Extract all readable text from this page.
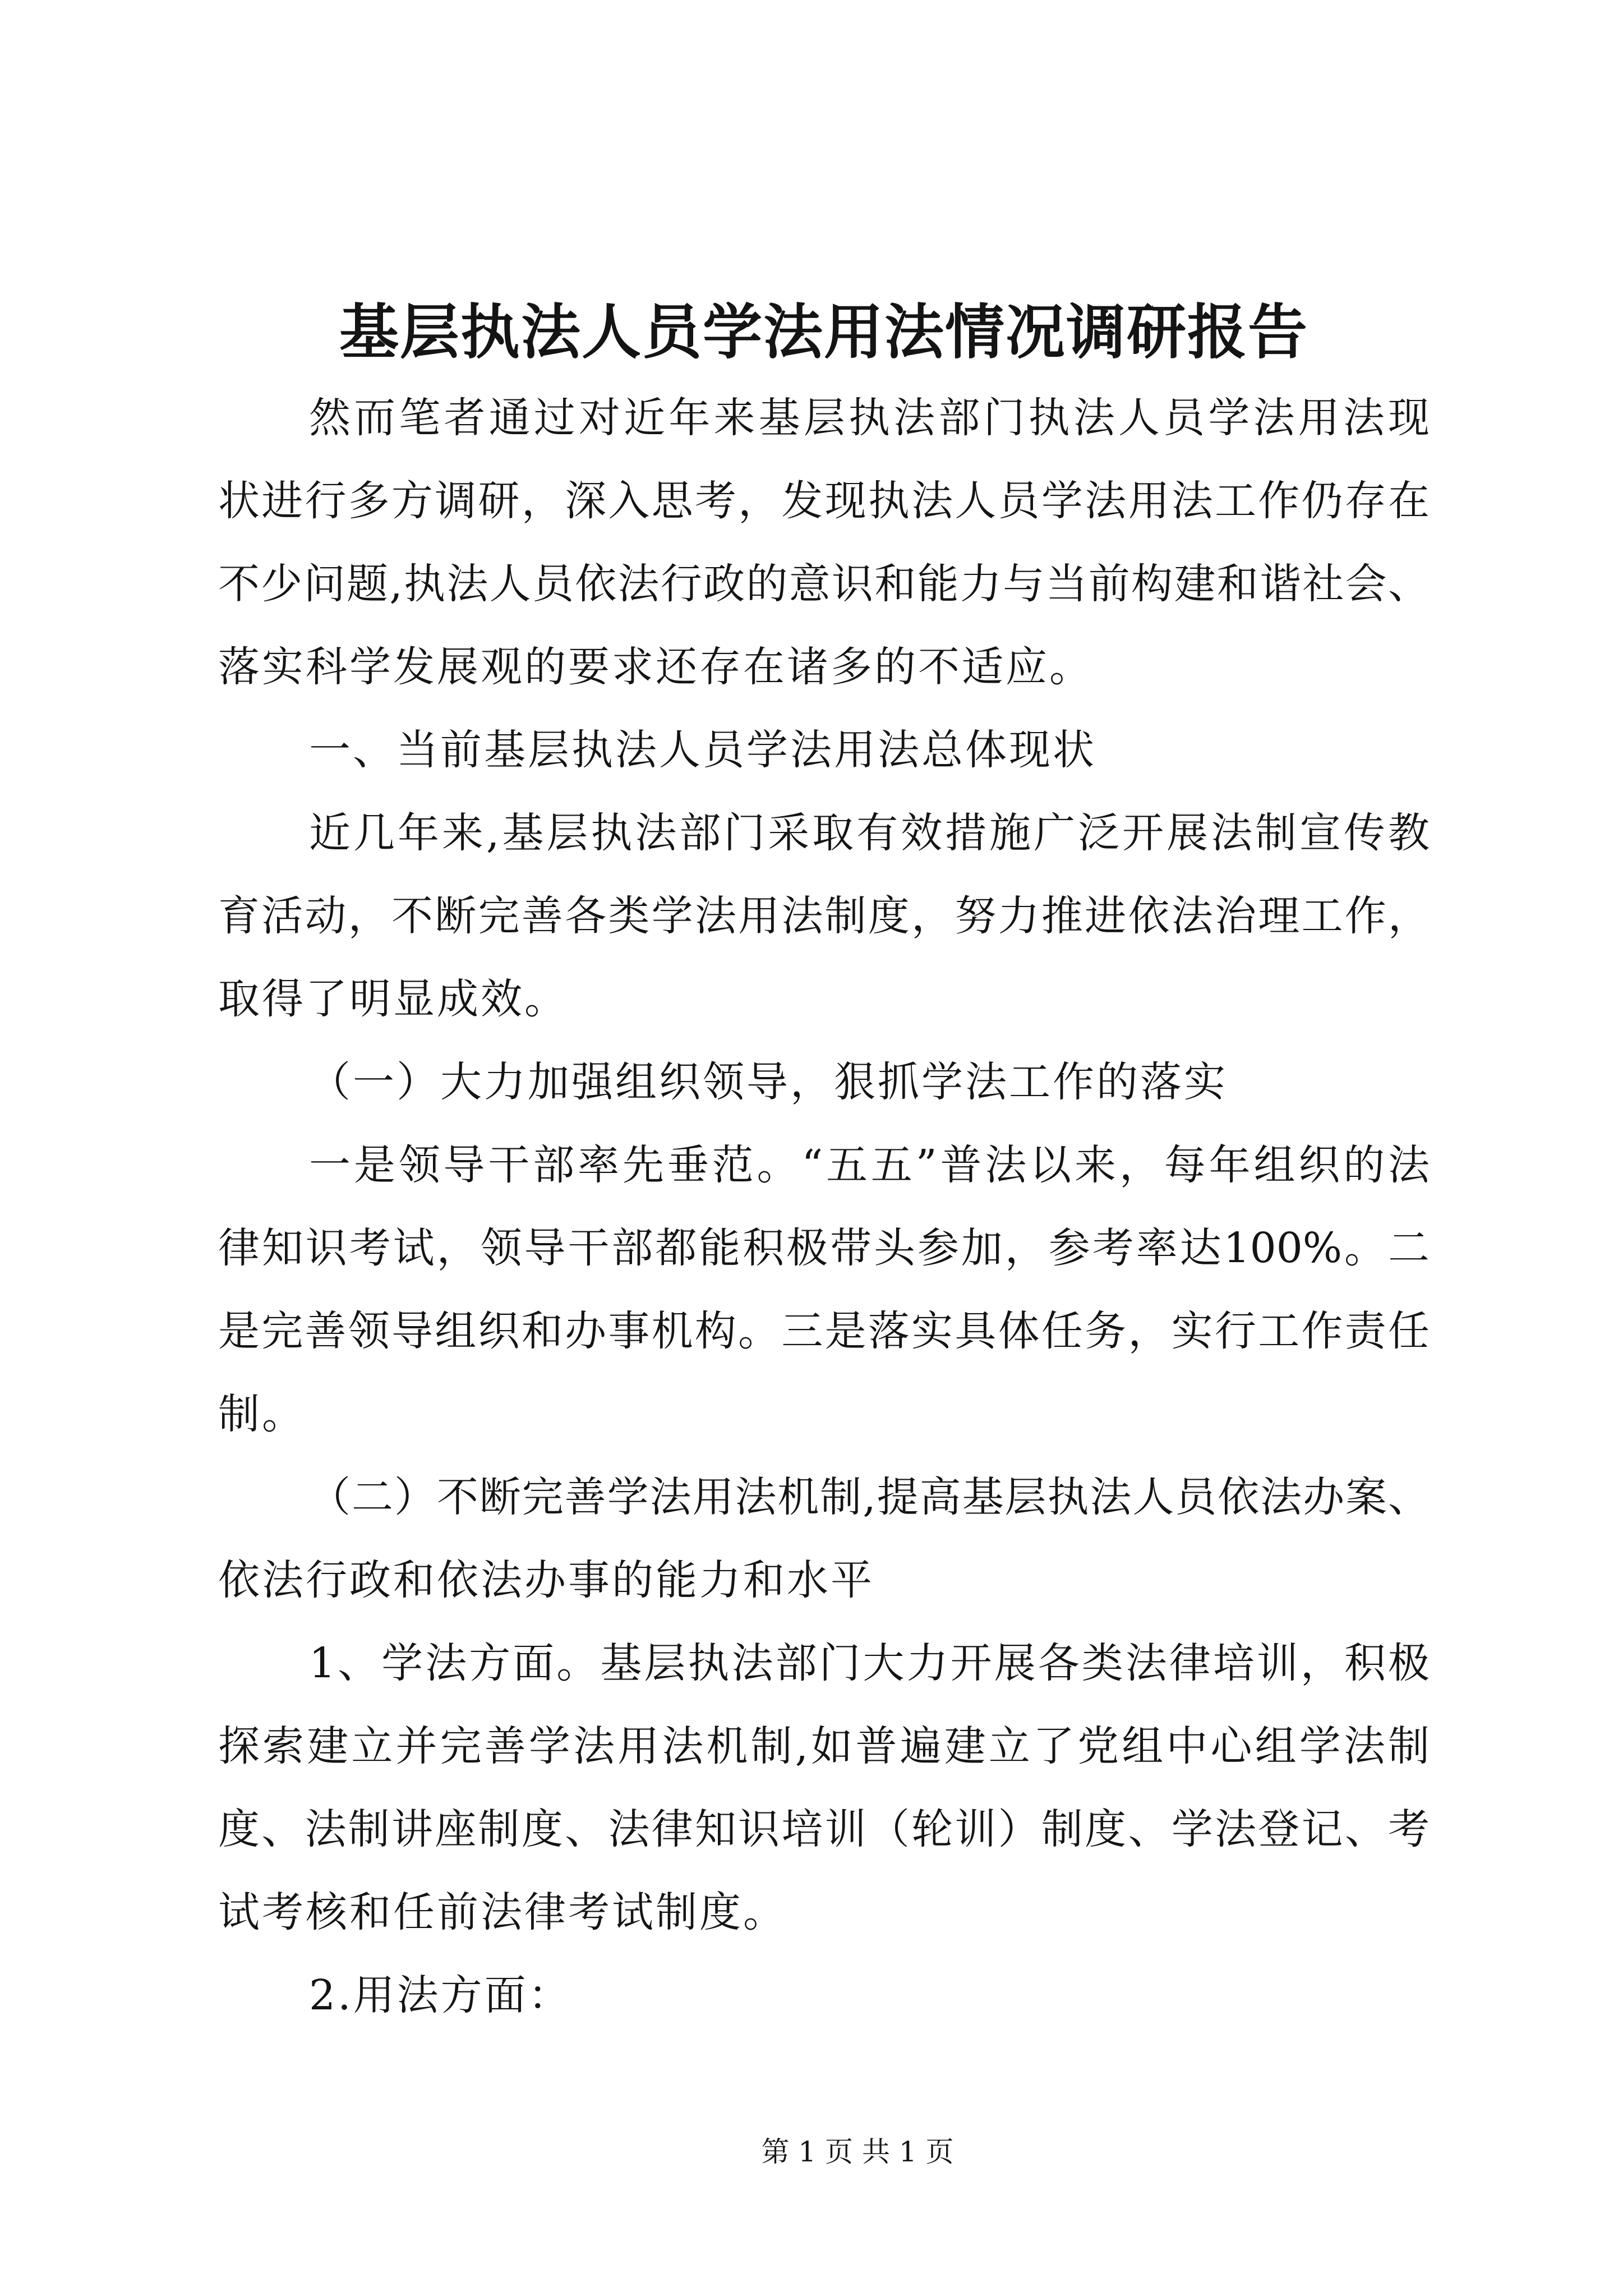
基层执法人员学法用法情况调研报告
然而笔者通过对近年来基层执法部门执法人员学法用法现
状进行多方调研，深入思考，发现执法人员学法用法工作仍存在
不少问题,执法人员依法行政的意识和能力与当前构建和谐社会、
落实科学发展观的要求还存在诸多的不适应。
一、当前基层执法人员学法用法总体现状
近几年来,基层执法部门采取有效措施广泛开展法制宣传教
育活动，不断完善各类学法用法制度，努力推进依法治理工作，
取得了明显成效。
（一）大力加强组织领导，狠抓学法工作的落实
一是领导干部率先垂范。“五五”普法以来，每年组织的法
律知识考试，领导干部都能积极带头参加，参考率达100%。二
是完善领导组织和办事机构。三是落实具体任务，实行工作责任
制。
（二）不断完善学法用法机制,提高基层执法人员依法办案、
依法行政和依法办事的能力和水平
1、学法方面。基层执法部门大力开展各类法律培训，积极
探索建立并完善学法用法机制,如普遍建立了党组中心组学法制
度、法制讲座制度、法律知识培训（轮训）制度、学法登记、考
试考核和任前法律考试制度。
2.用法方面：
第 1 页 共 1 页
